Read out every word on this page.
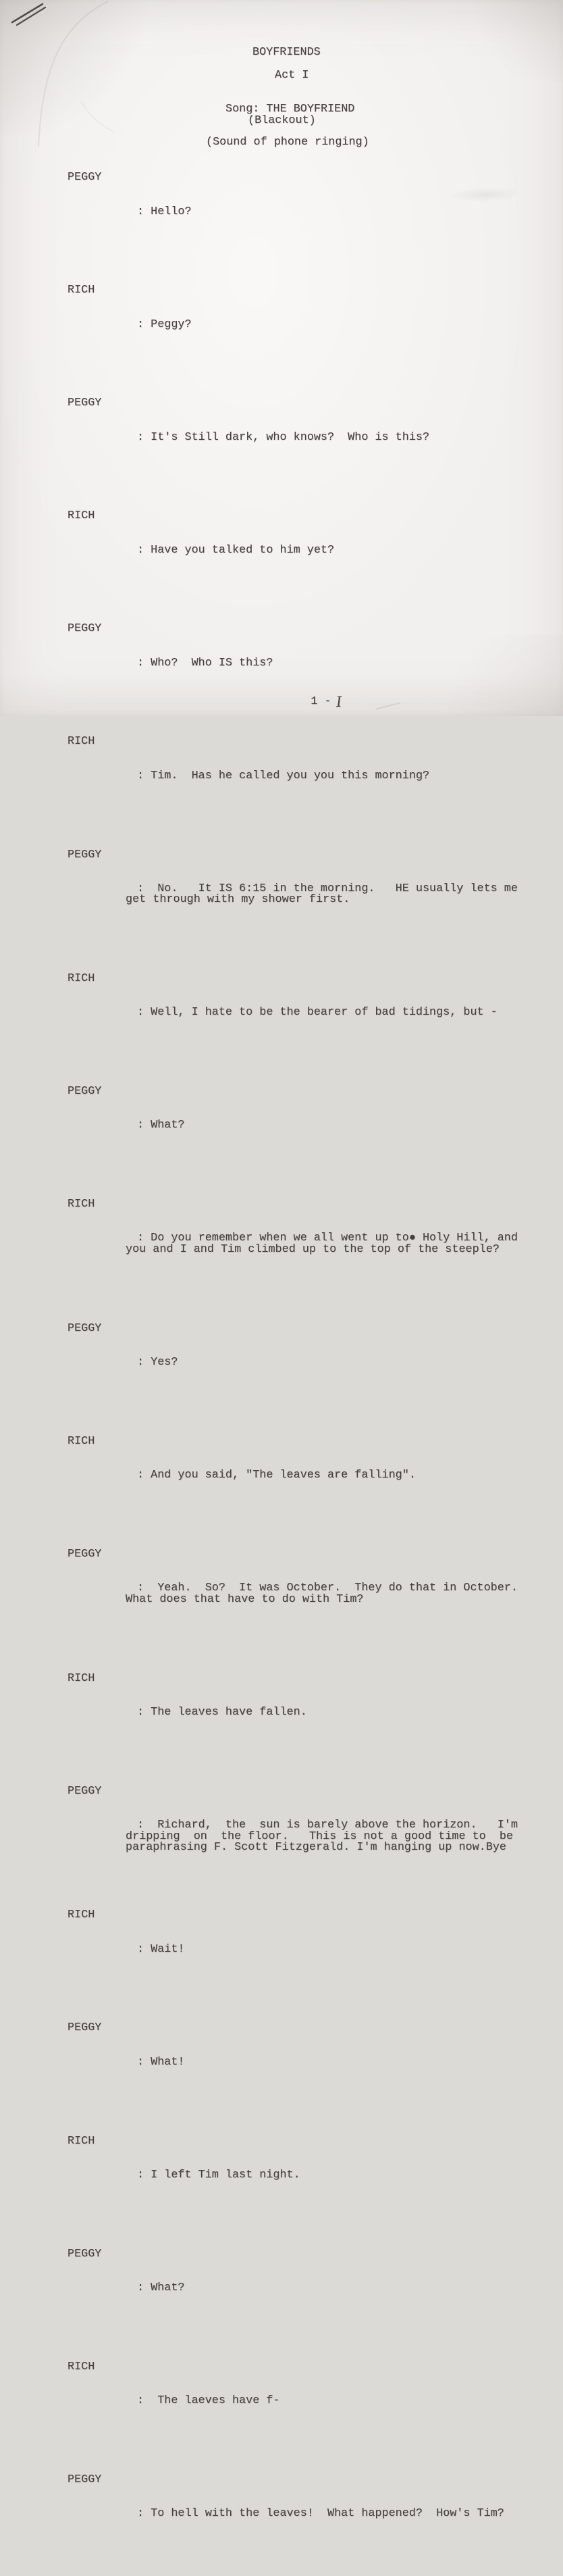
BOYFRIENDS
Act I
Song: THE BOYFRIEND
(Blackout)
(Sound of phone ringing)

PEGGY

: Hello?

RICH

: Peggy?

PEGGY

: It's Still dark, who knows?  Who is this?

RICH

: Have you talked to him yet?

PEGGY

: Who?  Who IS this?

RICH

: Tim.  Has he called you you this morning?

PEGGY

:  No.   It IS 6:15 in the morning.   HE usually lets me
get through with my shower first.

RICH

: Well, I hate to be the bearer of bad tidings, but -

PEGGY

: What?

RICH

: Do you remember when we all went up to● Holy Hill, and
you and I and Tim climbed up to the top of the steeple?

PEGGY

: Yes?

RICH

: And you said, "The leaves are falling".

PEGGY

:  Yeah.  So?  It was October.  They do that in October.
What does that have to do with Tim?

RICH

: The leaves have fallen.

PEGGY

:  Richard,  the  sun is barely above the horizon.   I'm
dripping  on  the floor.   This is not a good time to  be
paraphrasing F. Scott Fitzgerald. I'm hanging up now.Bye

RICH

: Wait!

PEGGY

: What!

RICH

: I left Tim last night.

PEGGY

: What?

RICH

:  The laeves have f-

PEGGY

: To hell with the leaves!  What happened?  How's Tim?

1 - I
